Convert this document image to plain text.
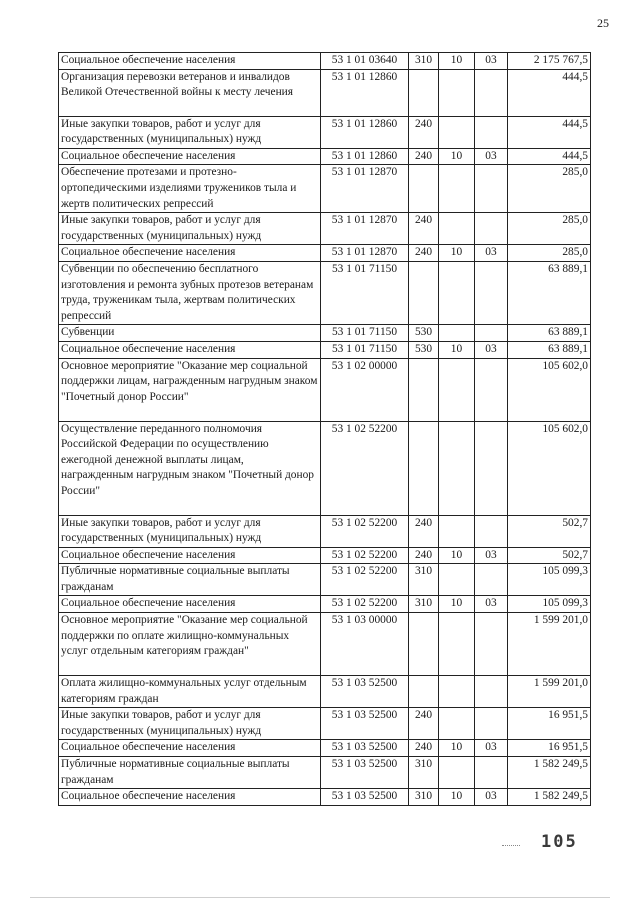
25
Социальное обеспечение населения	53 1 01 03640	310	10	03	2 175 767,5
Организация перевозки ветеранов и инвалидов Великой Отечественной войны к месту лечения	53 1 01 12860				444,5
Иные закупки товаров, работ и услуг для государственных (муниципальных) нужд	53 1 01 12860	240			444,5
Социальное обеспечение населения	53 1 01 12860	240	10	03	444,5
Обеспечение протезами и протезно-ортопедическими изделиями тружеников тыла и жертв политических репрессий	53 1 01 12870				285,0
Иные закупки товаров, работ и услуг для государственных (муниципальных) нужд	53 1 01 12870	240			285,0
Социальное обеспечение населения	53 1 01 12870	240	10	03	285,0
Субвенции по обеспечению бесплатного изготовления и ремонта зубных протезов ветеранам труда, труженикам тыла, жертвам политических репрессий	53 1 01 71150				63 889,1
Субвенции	53 1 01 71150	530			63 889,1
Социальное обеспечение населения	53 1 01 71150	530	10	03	63 889,1
Основное мероприятие "Оказание мер социальной поддержки лицам, награжденным нагрудным знаком "Почетный донор России"	53 1 02 00000				105 602,0
Осуществление переданного полномочия Российской Федерации по осуществлению ежегодной денежной выплаты лицам, награжденным нагрудным знаком "Почетный донор России"	53 1 02 52200				105 602,0
Иные закупки товаров, работ и услуг для государственных (муниципальных) нужд	53 1 02 52200	240			502,7
Социальное обеспечение населения	53 1 02 52200	240	10	03	502,7
Публичные нормативные социальные выплаты гражданам	53 1 02 52200	310			105 099,3
Социальное обеспечение населения	53 1 02 52200	310	10	03	105 099,3
Основное мероприятие "Оказание мер социальной поддержки по оплате жилищно-коммунальных услуг отдельным категориям граждан"	53 1 03 00000				1 599 201,0
Оплата жилищно-коммунальных услуг отдельным категориям граждан	53 1 03 52500				1 599 201,0
Иные закупки товаров, работ и услуг для государственных (муниципальных) нужд	53 1 03 52500	240			16 951,5
Социальное обеспечение населения	53 1 03 52500	240	10	03	16 951,5
Публичные нормативные социальные выплаты гражданам	53 1 03 52500	310			1 582 249,5
Социальное обеспечение населения	53 1 03 52500	310	10	03	1 582 249,5
105
